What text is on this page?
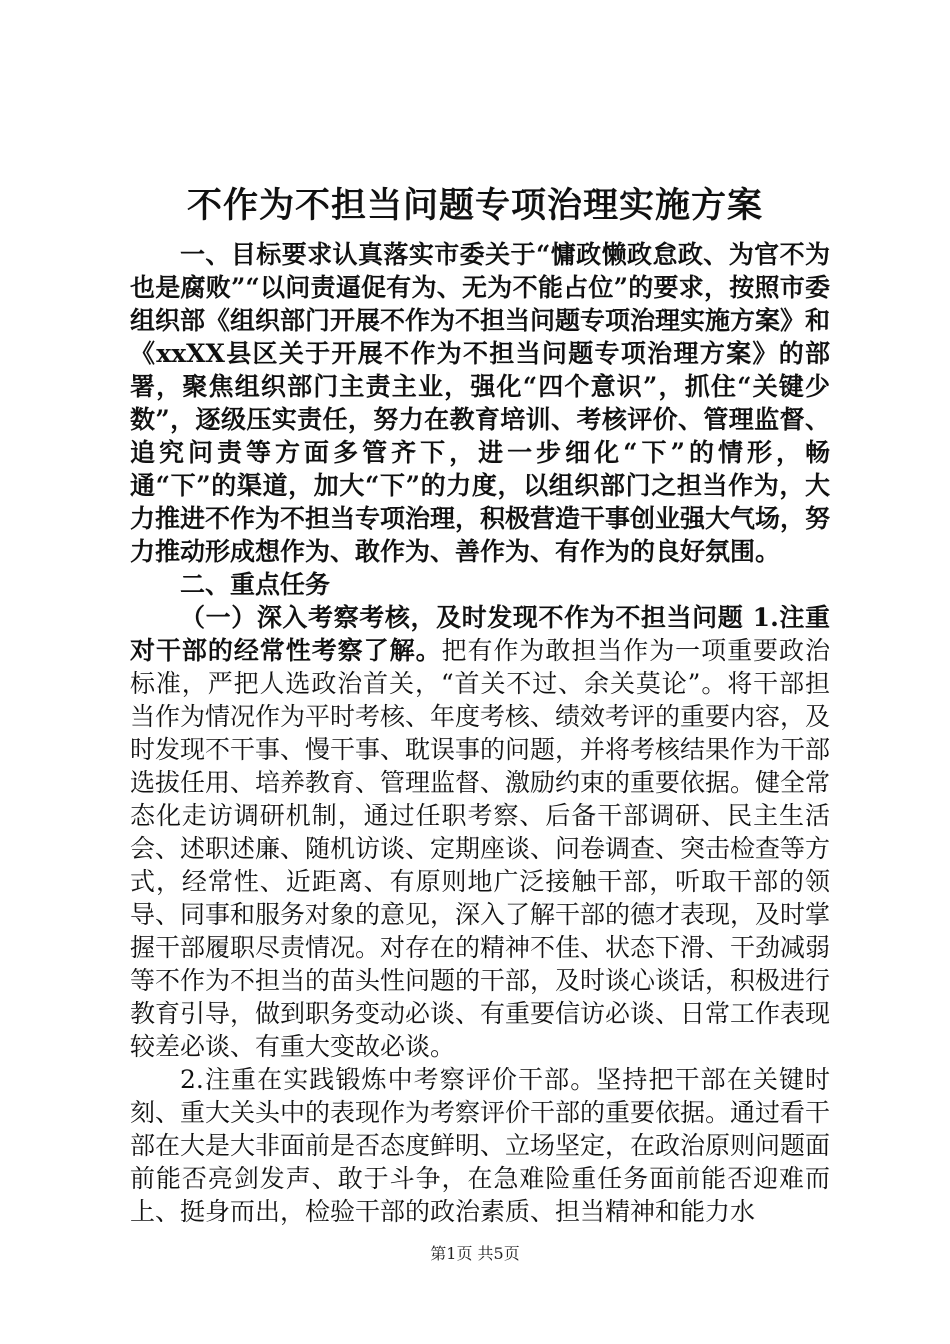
不作为不担当问题专项治理实施方案

一、目标要求认真落实市委关于“慵政懒政怠政、为官不为也是腐败”“以问责逼促有为、无为不能占位”的要求，按照市委组织部《组织部门开展不作为不担当问题专项治理实施方案》和《xxXX县区关于开展不作为不担当问题专项治理方案》的部署，聚焦组织部门主责主业，强化“四个意识”，抓住“关键少数”，逐级压实责任，努力在教育培训、考核评价、管理监督、追究问责等方面多管齐下，进一步细化“下”的情形，畅通“下”的渠道，加大“下”的力度，以组织部门之担当作为，大力推进不作为不担当专项治理，积极营造干事创业强大气场，努力推动形成想作为、敢作为、善作为、有作为的良好氛围。

二、重点任务

（一）深入考察考核，及时发现不作为不担当问题 1.注重对干部的经常性考察了解。把有作为敢担当作为一项重要政治标准，严把人选政治首关，“首关不过、余关莫论”。将干部担当作为情况作为平时考核、年度考核、绩效考评的重要内容，及时发现不干事、慢干事、耽误事的问题，并将考核结果作为干部选拔任用、培养教育、管理监督、激励约束的重要依据。健全常态化走访调研机制，通过任职考察、后备干部调研、民主生活会、述职述廉、随机访谈、定期座谈、问卷调查、突击检查等方式，经常性、近距离、有原则地广泛接触干部，听取干部的领导、同事和服务对象的意见，深入了解干部的德才表现，及时掌握干部履职尽责情况。对存在的精神不佳、状态下滑、干劲减弱等不作为不担当的苗头性问题的干部，及时谈心谈话，积极进行教育引导，做到职务变动必谈、有重要信访必谈、日常工作表现较差必谈、有重大变故必谈。

2.注重在实践锻炼中考察评价干部。坚持把干部在关键时刻、重大关头中的表现作为考察评价干部的重要依据。通过看干部在大是大非面前是否态度鲜明、立场坚定，在政治原则问题面前能否亮剑发声、敢于斗争，在急难险重任务面前能否迎难而上、挺身而出，检验干部的政治素质、担当精神和能力水

第1页 共5页
